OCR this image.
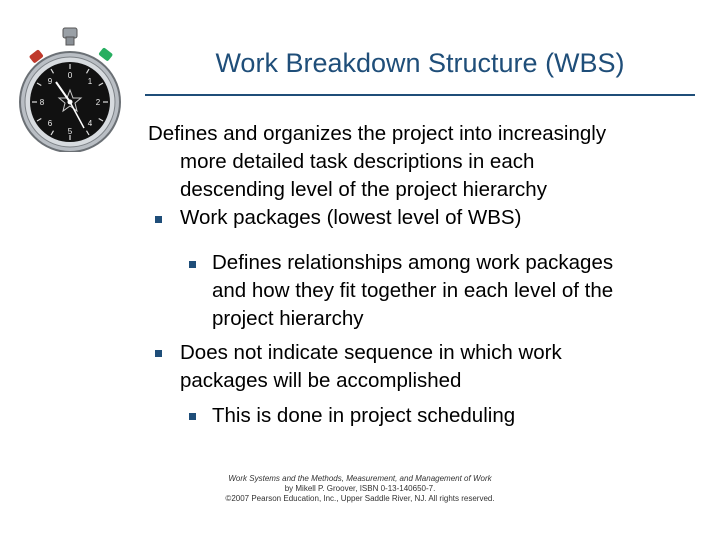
0
1
2
4
5
6
8
9
Work Breakdown Structure (WBS)
Defines and organizes the project into increasingly
more detailed task descriptions in each
descending level of the project hierarchy
Work packages (lowest level of WBS)
Defines relationships among work packages
and how they fit together in each level of the
project hierarchy
Does not indicate sequence in which work
packages will be accomplished
This is done in project scheduling
Work Systems and the Methods, Measurement, and Management of Work
by Mikell P. Groover, ISBN 0-13-140650-7.
©2007 Pearson Education, Inc., Upper Saddle River, NJ. All rights reserved.
